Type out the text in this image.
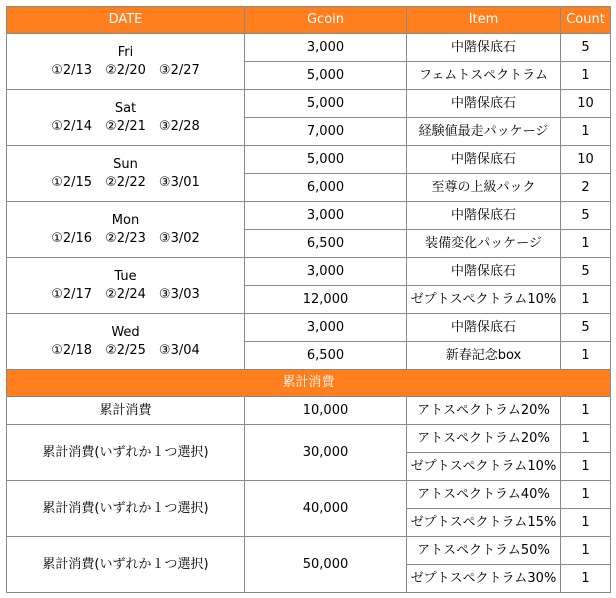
DATE	Gcoin	Item	Count

Fri
①2/13　②2/20　③2/27	3,000	中階保底石	5
	5,000	フェムトスペクトラム	1

Sat
①2/14　②2/21　③2/28	5,000	中階保底石	10
	7,000	経験値最走パッケージ	1

Sun
①2/15　②2/22　③3/01	5,000	中階保底石	10
	6,000	至尊の上級パック	2

Mon
①2/16　②2/23　③3/02	3,000	中階保底石	5
	6,500	装備変化パッケージ	1

Tue
①2/17　②2/24　③3/03	3,000	中階保底石	5
	12,000	ゼプトスペクトラム10%	1

Wed
①2/18　②2/25　③3/04	3,000	中階保底石	5
	6,500	新春記念box	1
累計消費			
累計消費	10,000	アトスペクトラム20%	1
累計消費(いずれか１つ選択)	30,000	アトスペクトラム20%	1
		ゼプトスペクトラム10%	1
累計消費(いずれか１つ選択)	40,000	アトスペクトラム40%	1
		ゼプトスペクトラム15%	1
累計消費(いずれか１つ選択)	50,000	アトスペクトラム50%	1
		ゼプトスペクトラム30%	1
